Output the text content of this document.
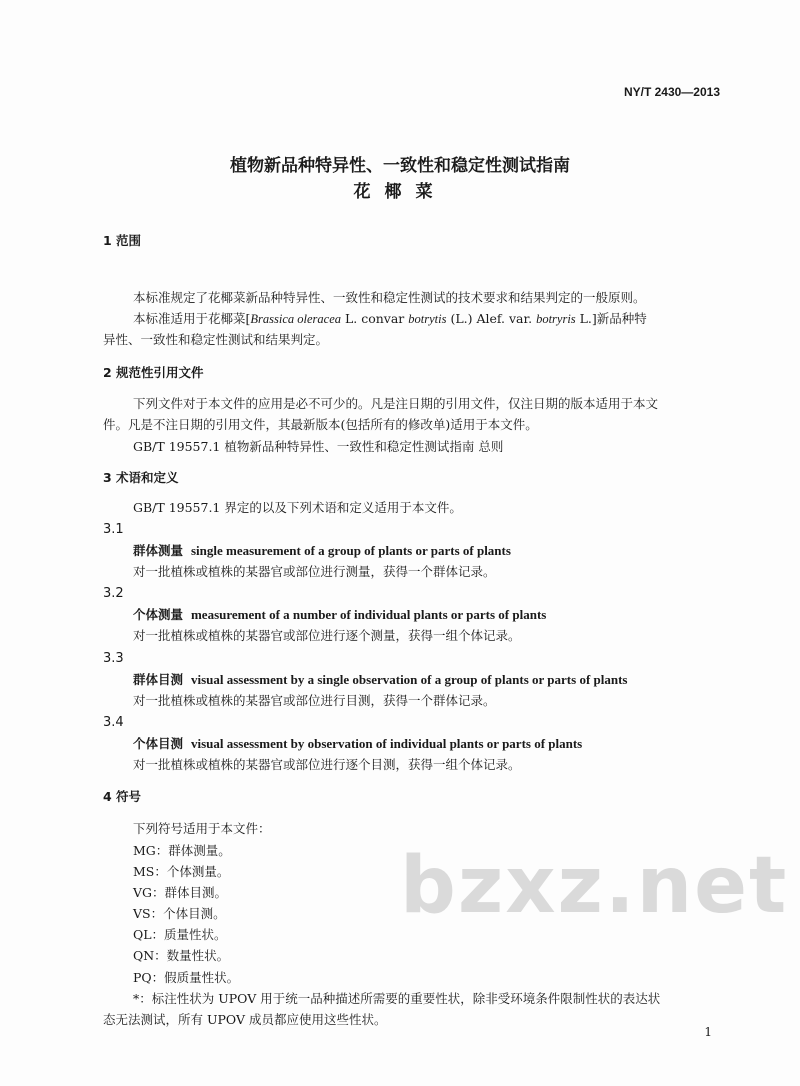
bzxz.net
NY/T 2430—2013
植物新品种特异性、一致性和稳定性测试指南
花椰菜
1 范围
本标准规定了花椰菜新品种特异性、一致性和稳定性测试的技术要求和结果判定的一般原则。
本标准适用于花椰菜[Brassica oleracea L. convar botrytis (L.) Alef. var. botryris L.]新品种特
异性、一致性和稳定性测试和结果判定。
2 规范性引用文件
下列文件对于本文件的应用是必不可少的。凡是注日期的引用文件，仅注日期的版本适用于本文
件。凡是不注日期的引用文件，其最新版本(包括所有的修改单)适用于本文件。
GB/T 19557.1 植物新品种特异性、一致性和稳定性测试指南 总则
3 术语和定义
GB/T 19557.1 界定的以及下列术语和定义适用于本文件。
3.1
群体测量 single measurement of a group of plants or parts of plants
对一批植株或植株的某器官或部位进行测量，获得一个群体记录。
3.2
个体测量 measurement of a number of individual plants or parts of plants
对一批植株或植株的某器官或部位进行逐个测量，获得一组个体记录。
3.3
群体目测 visual assessment by a single observation of a group of plants or parts of plants
对一批植株或植株的某器官或部位进行目测，获得一个群体记录。
3.4
个体目测 visual assessment by observation of individual plants or parts of plants
对一批植株或植株的某器官或部位进行逐个目测，获得一组个体记录。
4 符号
下列符号适用于本文件：
MG：群体测量。
MS：个体测量。
VG：群体目测。
VS：个体目测。
QL：质量性状。
QN：数量性状。
PQ：假质量性状。
*：标注性状为 UPOV 用于统一品种描述所需要的重要性状，除非受环境条件限制性状的表达状
态无法测试，所有 UPOV 成员都应使用这些性状。
1
